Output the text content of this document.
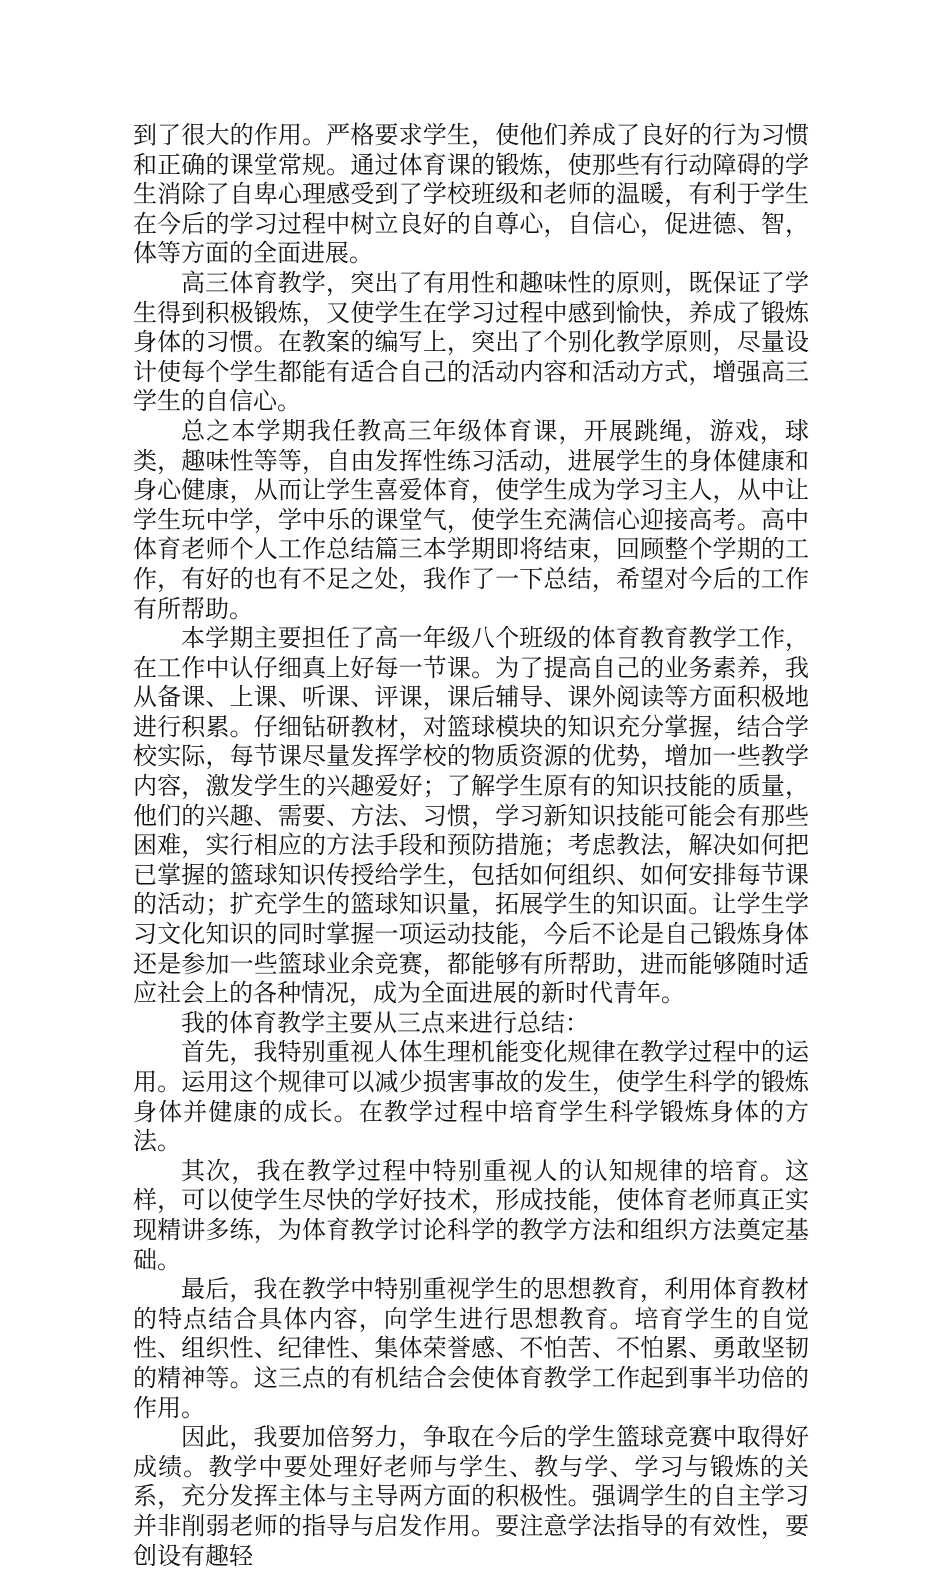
到了很大的作用。严格要求学生，使他们养成了良好的行为习惯和正确的课堂常规。通过体育课的锻炼，使那些有行动障碍的学生消除了自卑心理感受到了学校班级和老师的温暖，有利于学生在今后的学习过程中树立良好的自尊心，自信心，促进德、智，体等方面的全面进展。

高三体育教学，突出了有用性和趣味性的原则，既保证了学生得到积极锻炼，又使学生在学习过程中感到愉快，养成了锻炼身体的习惯。在教案的编写上，突出了个别化教学原则，尽量设计使每个学生都能有适合自己的活动内容和活动方式，增强高三学生的自信心。

总之本学期我任教高三年级体育课，开展跳绳，游戏，球类，趣味性等等，自由发挥性练习活动，进展学生的身体健康和身心健康，从而让学生喜爱体育，使学生成为学习主人，从中让学生玩中学，学中乐的课堂气，使学生充满信心迎接高考。高中体育老师个人工作总结篇三本学期即将结束，回顾整个学期的工作，有好的也有不足之处，我作了一下总结，希望对今后的工作有所帮助。

本学期主要担任了高一年级八个班级的体育教育教学工作，在工作中认仔细真上好每一节课。为了提高自己的业务素养，我从备课、上课、听课、评课，课后辅导、课外阅读等方面积极地进行积累。仔细钻研教材，对篮球模块的知识充分掌握，结合学校实际，每节课尽量发挥学校的物质资源的优势，增加一些教学内容，激发学生的兴趣爱好；了解学生原有的知识技能的质量，他们的兴趣、需要、方法、习惯，学习新知识技能可能会有那些困难，实行相应的方法手段和预防措施；考虑教法，解决如何把已掌握的篮球知识传授给学生，包括如何组织、如何安排每节课的活动；扩充学生的篮球知识量，拓展学生的知识面。让学生学习文化知识的同时掌握一项运动技能，今后不论是自己锻炼身体还是参加一些篮球业余竞赛，都能够有所帮助，进而能够随时适应社会上的各种情况，成为全面进展的新时代青年。

我的体育教学主要从三点来进行总结：

首先，我特别重视人体生理机能变化规律在教学过程中的运用。运用这个规律可以减少损害事故的发生，使学生科学的锻炼身体并健康的成长。在教学过程中培育学生科学锻炼身体的方法。

其次，我在教学过程中特别重视人的认知规律的培育。这样，可以使学生尽快的学好技术，形成技能，使体育老师真正实现精讲多练，为体育教学讨论科学的教学方法和组织方法奠定基础。

最后，我在教学中特别重视学生的思想教育，利用体育教材的特点结合具体内容，向学生进行思想教育。培育学生的自觉性、组织性、纪律性、集体荣誉感、不怕苦、不怕累、勇敢坚韧的精神等。这三点的有机结合会使体育教学工作起到事半功倍的作用。

因此，我要加倍努力，争取在今后的学生篮球竞赛中取得好成绩。教学中要处理好老师与学生、教与学、学习与锻炼的关系，充分发挥主体与主导两方面的积极性。强调学生的自主学习并非削弱老师的指导与启发作用。要注意学法指导的有效性，要创设有趣轻
